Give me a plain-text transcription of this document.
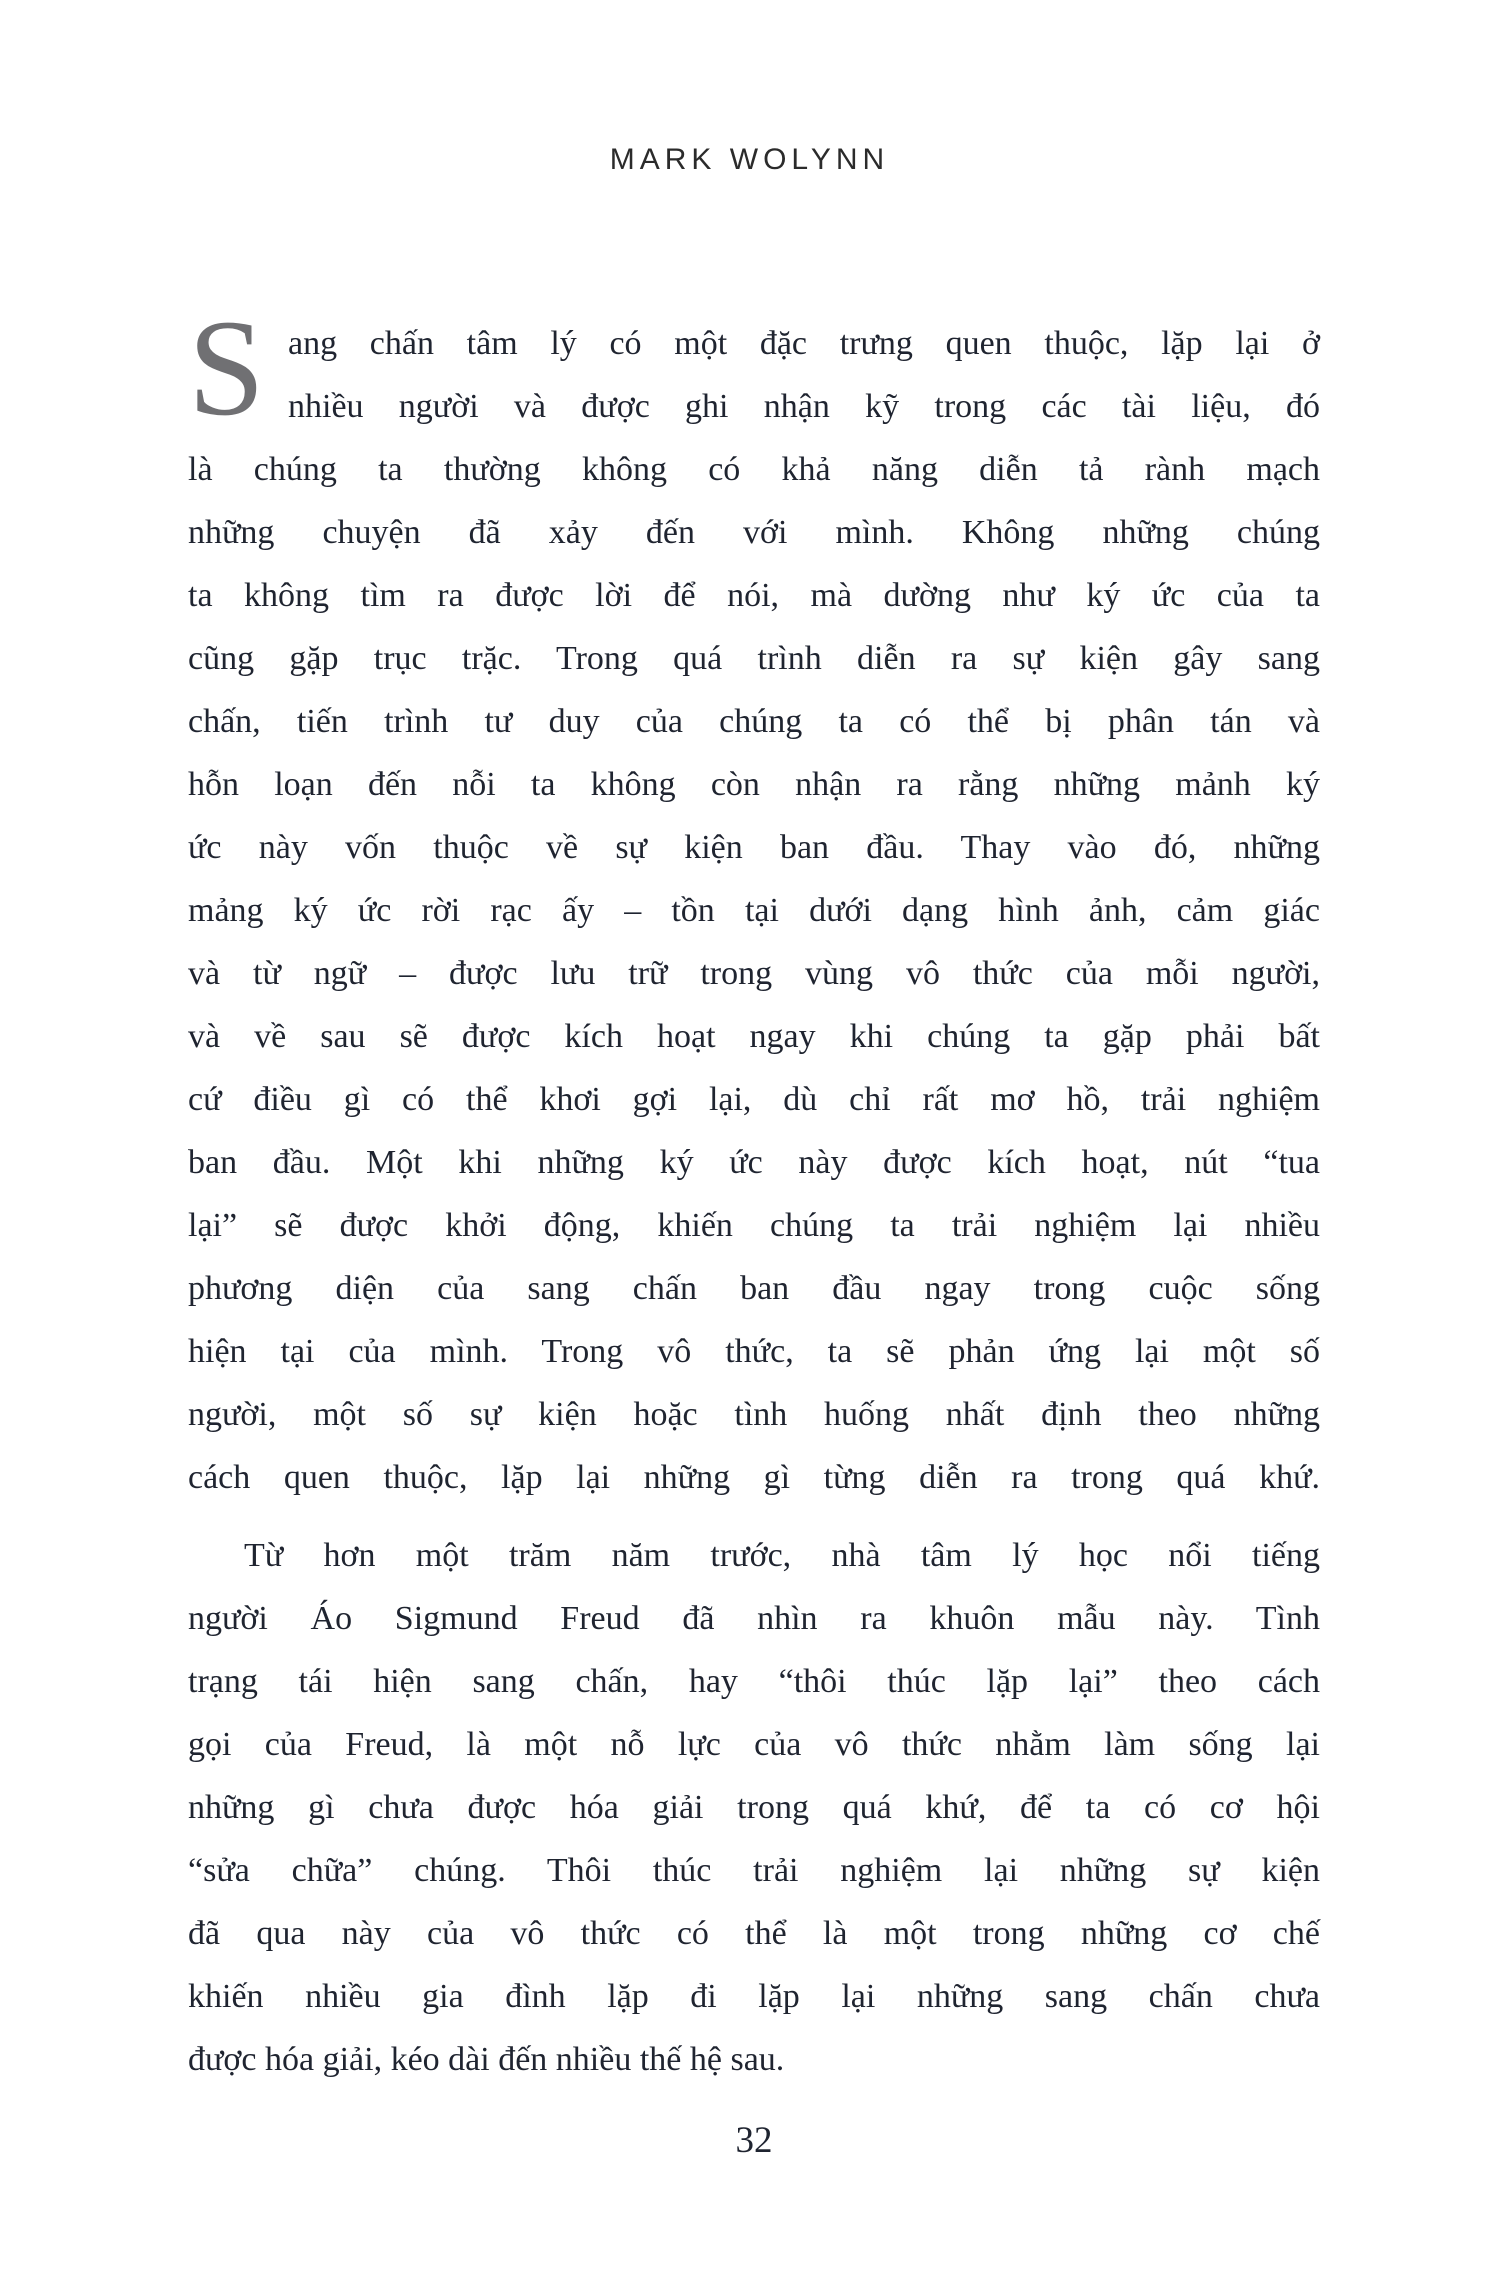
MARK WOLYNN
S ang chấn tâm lý có một đặc trưng quen thuộc, lặp lại ở
nhiều người và được ghi nhận kỹ trong các tài liệu, đó
là chúng ta thường không có khả năng diễn tả rành mạch
những chuyện đã xảy đến với mình. Không những chúng
ta không tìm ra được lời để nói, mà dường như ký ức của ta
cũng gặp trục trặc. Trong quá trình diễn ra sự kiện gây sang
chấn, tiến trình tư duy của chúng ta có thể bị phân tán và
hỗn loạn đến nỗi ta không còn nhận ra rằng những mảnh ký
ức này vốn thuộc về sự kiện ban đầu. Thay vào đó, những
mảng ký ức rời rạc ấy – tồn tại dưới dạng hình ảnh, cảm giác
và từ ngữ – được lưu trữ trong vùng vô thức của mỗi người,
và về sau sẽ được kích hoạt ngay khi chúng ta gặp phải bất
cứ điều gì có thể khơi gợi lại, dù chỉ rất mơ hồ, trải nghiệm
ban đầu. Một khi những ký ức này được kích hoạt, nút “tua
lại” sẽ được khởi động, khiến chúng ta trải nghiệm lại nhiều
phương diện của sang chấn ban đầu ngay trong cuộc sống
hiện tại của mình. Trong vô thức, ta sẽ phản ứng lại một số
người, một số sự kiện hoặc tình huống nhất định theo những
cách quen thuộc, lặp lại những gì từng diễn ra trong quá khứ.
Từ hơn một trăm năm trước, nhà tâm lý học nổi tiếng
người Áo Sigmund Freud đã nhìn ra khuôn mẫu này. Tình
trạng tái hiện sang chấn, hay “thôi thúc lặp lại” theo cách
gọi của Freud, là một nỗ lực của vô thức nhằm làm sống lại
những gì chưa được hóa giải trong quá khứ, để ta có cơ hội
“sửa chữa” chúng. Thôi thúc trải nghiệm lại những sự kiện
đã qua này của vô thức có thể là một trong những cơ chế
khiến nhiều gia đình lặp đi lặp lại những sang chấn chưa
được hóa giải, kéo dài đến nhiều thế hệ sau.
32
